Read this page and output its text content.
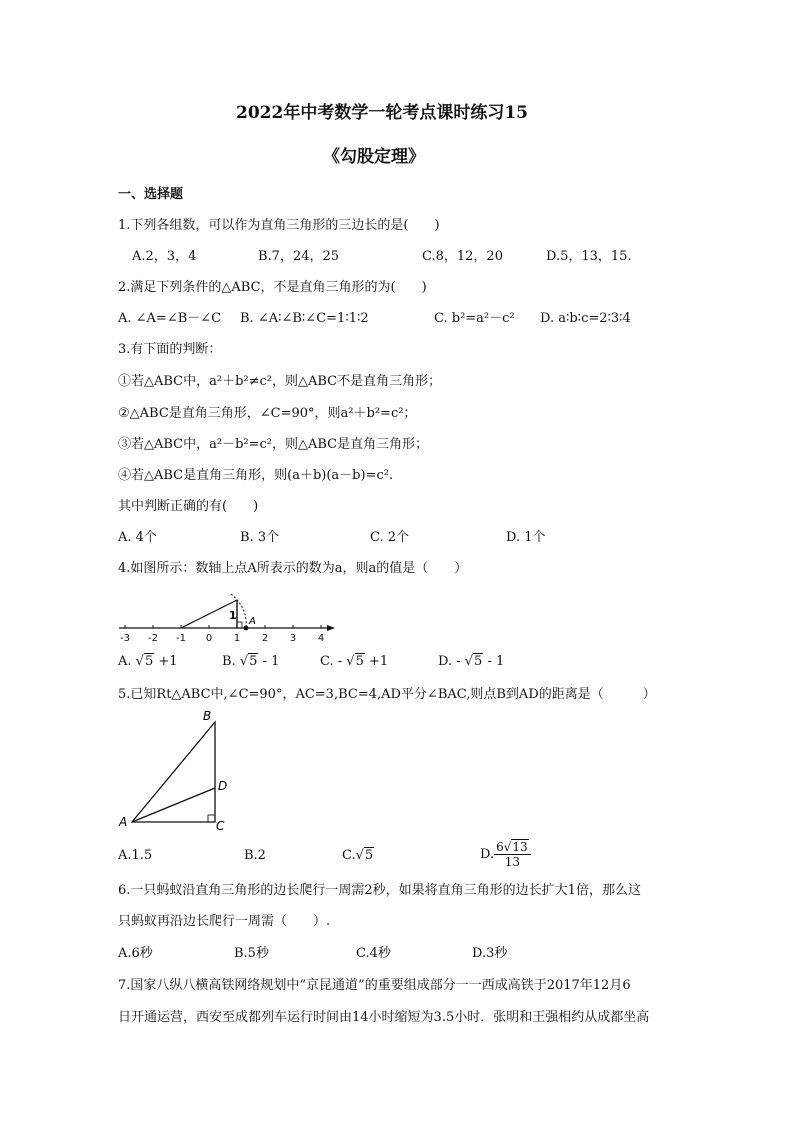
2022年中考数学一轮考点课时练习15
《勾股定理》
一、选择题
1.下列各组数，可以作为直角三角形的三边长的是(　　)
A.2，3，4	B.7，24，25	C.8，12，20	D.5，13，15.
2.满足下列条件的△ABC，不是直角三角形的为(　　)
A. ∠A=∠B－∠C B. ∠A∶∠B∶∠C=1∶1∶2	C. b²=a²－c² D. a∶b∶c=2∶3∶4
3.有下面的判断：
①若△ABC中，a²＋b²≠c²，则△ABC不是直角三角形；
②△ABC是直角三角形，∠C=90°，则a²＋b²=c²；
③若△ABC中，a²－b²=c²，则△ABC是直角三角形；
④若△ABC是直角三角形，则(a＋b)(a－b)=c².
其中判断正确的有(　　)
A. 4个	B. 3个	C. 2个	D. 1个
4.如图所示：数轴上点A所表示的数为a，则a的值是（　　）
1 A
-3 -2 -1 0 1 2 3 4
A. √5 +1	B. √5 - 1	C. - √5 +1	D. - √5 - 1
5.已知Rt△ABC中,∠C=90°，AC=3,BC=4,AD平分∠BAC,则点B到AD的距离是（　　　）
B
D
A	C
A.1.5	B.2	C.√5	D. $\frac{6√13}{13}$
6.一只蚂蚁沿直角三角形的边长爬行一周需2秒，如果将直角三角形的边长扩大1倍，那么这
只蚂蚁再沿边长爬行一周需（　　）.
A.6秒	B.5秒	C.4秒	D.3秒
7.国家八纵八横高铁网络规划中“京昆通道”的重要组成部分一一西成高铁于2017年12月6
日开通运营，西安至成都列车运行时间由14小时缩短为3.5小时．张明和王强相约从成都坐高
